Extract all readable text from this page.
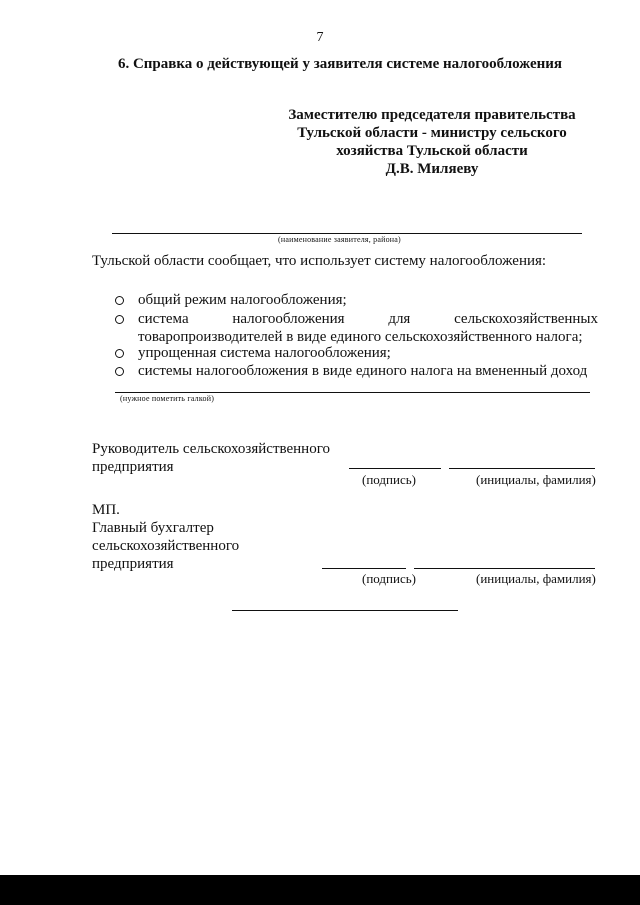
7
6. Справка о действующей у заявителя системе налогообложения
Заместителю председателя правительства
Тульской области - министру сельского
хозяйства Тульской области
Д.В. Миляеву
(наименование заявителя, района)
Тульской области сообщает, что использует систему налогообложения:
общий режим налогообложения;
система	налогообложения	для	сельскохозяйственных
товаропроизводителей в виде единого сельскохозяйственного налога;
упрощенная система налогообложения;
системы налогообложения в виде единого налога на вмененный доход
(нужное пометить галкой)
Руководитель сельскохозяйственного
предприятия
(подпись)	(инициалы, фамилия)
МП.
Главный бухгалтер
сельскохозяйственного
предприятия
(подпись)	(инициалы, фамилия)
